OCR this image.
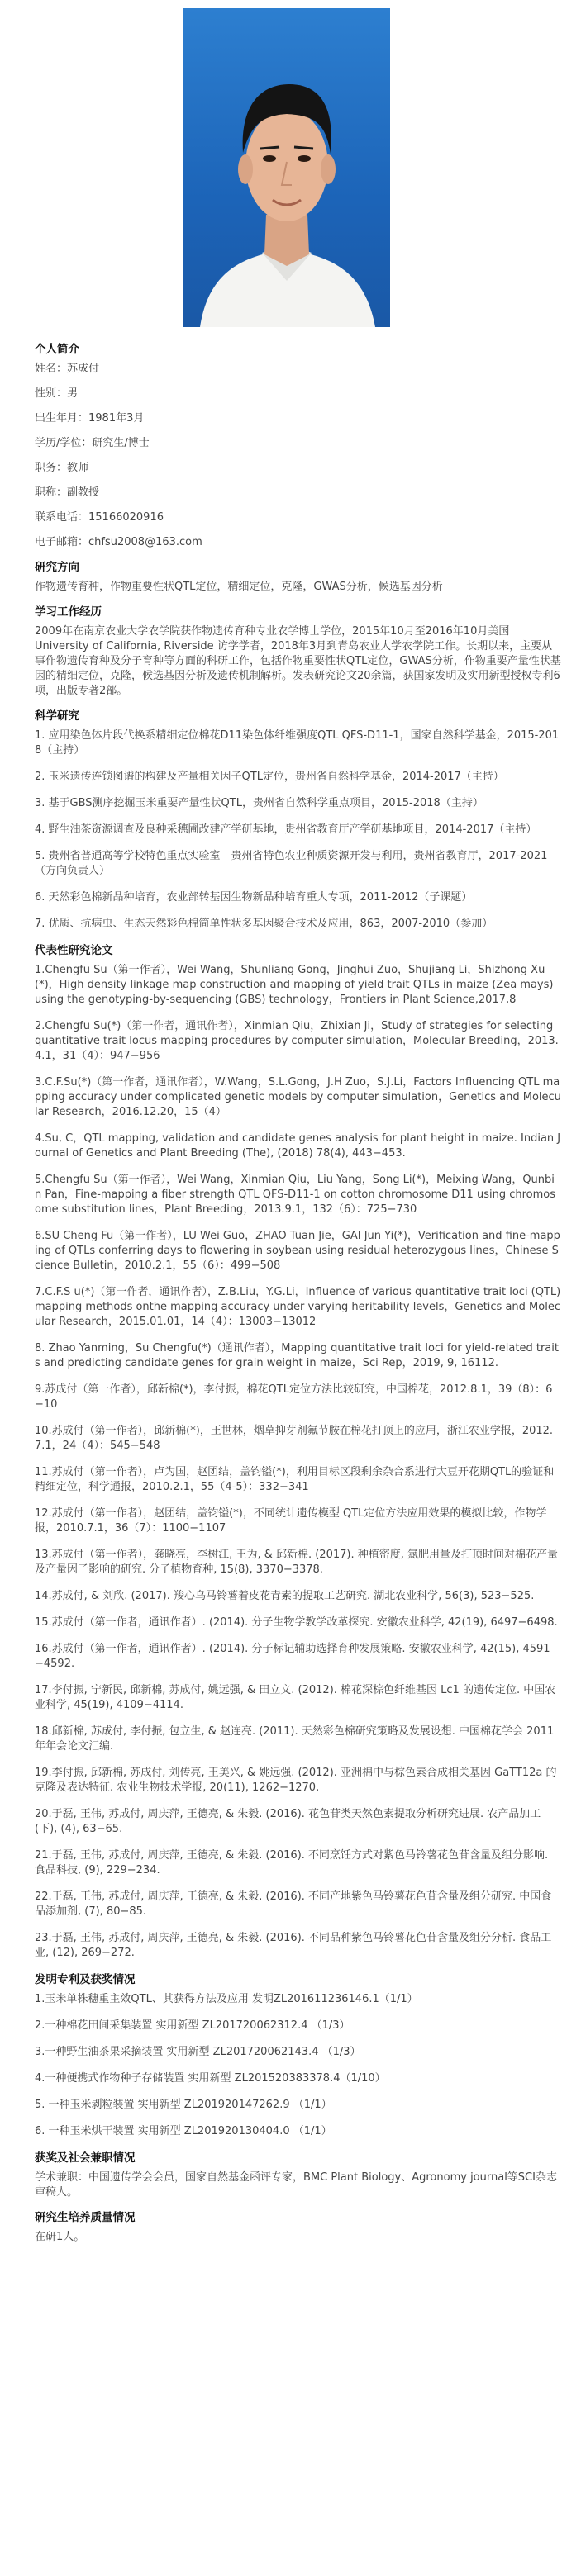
个人简介
姓名：苏成付
性别：男
出生年月：1981年3月
学历/学位：研究生/博士
职务：教师
职称：副教授
联系电话：15166020916
电子邮箱：chfsu2008@163.com
研究方向
作物遗传育种，作物重要性状QTL定位，精细定位，克隆，GWAS分析，候选基因分析
学习工作经历
2009年在南京农业大学农学院获作物遗传育种专业农学博士学位，2015年10月至2016年10月美国University of California, Riverside 访学学者，2018年3月到青岛农业大学农学院工作。长期以来，主要从事作物遗传育种及分子育种等方面的科研工作，包括作物重要性状QTL定位，GWAS分析，作物重要产量性状基因的精细定位，克隆，候选基因分析及遗传机制解析。发表研究论文20余篇，获国家发明及实用新型授权专利6项，出版专著2部。
科学研究
1. 应用染色体片段代换系精细定位棉花D11染色体纤维强度QTL QFS-D11-1，国家自然科学基金，2015-2018（主持）
2. 玉米遗传连锁图谱的构建及产量相关因子QTL定位，贵州省自然科学基金，2014-2017（主持）
3. 基于GBS测序挖掘玉米重要产量性状QTL，贵州省自然科学重点项目，2015-2018（主持）
4. 野生油茶资源调查及良种采穗圃改建产学研基地，贵州省教育厅产学研基地项目，2014-2017（主持）
5. 贵州省普通高等学校特色重点实验室—贵州省特色农业种质资源开发与利用，贵州省教育厅，2017-2021（方向负责人）
6. 天然彩色棉新品种培育，农业部转基因生物新品种培育重大专项，2011-2012（子课题）
7. 优质、抗病虫、生态天然彩色棉简单性状多基因聚合技术及应用，863，2007-2010（参加）
代表性研究论文
1.Chengfu Su（第一作者），Wei Wang，Shunliang Gong，Jinghui Zuo，Shujiang Li，Shizhong Xu(*)，High density linkage map construction and mapping of yield trait QTLs in maize (Zea mays) using the genotyping-by-sequencing (GBS) technology，Frontiers in Plant Science,2017,8
2.Chengfu Su(*)（第一作者，通讯作者），Xinmian Qiu，Zhixian Ji，Study of strategies for selecting quantitative trait locus mapping procedures by computer simulation，Molecular Breeding，2013.4.1，31（4）：947−956
3.C.F.Su(*)（第一作者，通讯作者），W.Wang，S.L.Gong，J.H Zuo，S.J.Li，Factors Influencing QTL mapping accuracy under complicated genetic models by computer simulation，Genetics and Molecular Research，2016.12.20，15（4）
4.Su, C，QTL mapping, validation and candidate genes analysis for plant height in maize. Indian Journal of Genetics and Plant Breeding (The), (2018) 78(4), 443−453.
5.Chengfu Su（第一作者），Wei Wang，Xinmian Qiu，Liu Yang，Song Li(*)，Meixing Wang，Qunbin Pan，Fine-mapping a fiber strength QTL QFS-D11-1 on cotton chromosome D11 using chromosome substitution lines，Plant Breeding，2013.9.1，132（6）：725−730
6.SU Cheng Fu（第一作者），LU Wei Guo，ZHAO Tuan Jie，GAI Jun Yi(*)，Verification and fine-mapping of QTLs conferring days to flowering in soybean using residual heterozygous lines，Chinese Science Bulletin，2010.2.1，55（6）：499−508
7.C.F.S u(*)（第一作者，通讯作者），Z.B.Liu，Y.G.Li，Influence of various quantitative trait loci (QTL) mapping methods onthe mapping accuracy under varying heritability levels，Genetics and Molecular Research，2015.01.01，14（4）：13003−13012
8. Zhao Yanming，Su Chengfu(*)（通讯作者），Mapping quantitative trait loci for yield-related traits and predicting candidate genes for grain weight in maize，Sci Rep，2019, 9, 16112.
9.苏成付（第一作者），邱新棉(*)，李付振，棉花QTL定位方法比较研究，中国棉花，2012.8.1，39（8）：6−10
10.苏成付（第一作者），邱新棉(*)，王世林，烟草抑芽剂氟节胺在棉花打顶上的应用，浙江农业学报，2012.7.1，24（4）：545−548
11.苏成付（第一作者），卢为国，赵团结，盖钧镒(*)，利用目标区段剩余杂合系进行大豆开花期QTL的验证和精细定位，科学通报，2010.2.1，55（4-5）：332−341
12.苏成付（第一作者），赵团结，盖钧镒(*)，不同统计遗传模型 QTL定位方法应用效果的模拟比较，作物学报，2010.7.1，36（7）：1100−1107
13.苏成付（第一作者），龚晓亮，李树江, 王为, & 邱新棉. (2017). 种植密度, 氮肥用量及打顶时间对棉花产量及产量因子影响的研究. 分子植物育种, 15(8), 3370−3378.
14.苏成付, & 刘欣. (2017). 羧心乌马铃薯着皮花青素的提取工艺研究. 湖北农业科学, 56(3), 523−525.
15.苏成付（第一作者，通讯作者）. (2014). 分子生物学教学改革探究. 安徽农业科学, 42(19), 6497−6498.
16.苏成付（第一作者，通讯作者）. (2014). 分子标记辅助选择育种发展策略. 安徽农业科学, 42(15), 4591−4592.
17.李付振, 宁新民, 邱新棉, 苏成付, 姚远强, & 田立文. (2012). 棉花深棕色纤维基因 Lc1 的遗传定位. 中国农业科学, 45(19), 4109−4114.
18.邱新棉, 苏成付, 李付振, 包立生, & 赵连亮. (2011). 天然彩色棉研究策略及发展设想. 中国棉花学会 2011 年年会论文汇编.
19.李付振, 邱新棉, 苏成付, 刘传亮, 王美兴, & 姚远强. (2012). 亚洲棉中与棕色素合成相关基因 GaTT12a 的克隆及表达特征. 农业生物技术学报, 20(11), 1262−1270.
20.于磊, 王伟, 苏成付, 周庆萍, 王德亮, & 朱毅. (2016). 花色苷类天然色素提取分析研究进展. 农产品加工(下), (4), 63−65.
21.于磊, 王伟, 苏成付, 周庆萍, 王德亮, & 朱毅. (2016). 不同烹饪方式对紫色马铃薯花色苷含量及组分影响. 食品科技, (9), 229−234.
22.于磊, 王伟, 苏成付, 周庆萍, 王德亮, & 朱毅. (2016). 不同产地紫色马铃薯花色苷含量及组分研究. 中国食品添加剂, (7), 80−85.
23.于磊, 王伟, 苏成付, 周庆萍, 王德亮, & 朱毅. (2016). 不同品种紫色马铃薯花色苷含量及组分分析. 食品工业, (12), 269−272.
发明专利及获奖情况
1.玉米单株穗重主效QTL、其获得方法及应用 发明ZL201611236146.1（1/1）
2.一种棉花田间采集装置 实用新型 ZL201720062312.4 （1/3）
3.一种野生油茶果采摘装置 实用新型 ZL201720062143.4 （1/3）
4.一种便携式作物种子存储装置 实用新型 ZL201520383378.4（1/10）
5. 一种玉米剥粒装置 实用新型 ZL201920147262.9 （1/1）
6. 一种玉米烘干装置 实用新型 ZL201920130404.0 （1/1）
获奖及社会兼职情况
学术兼职：中国遗传学会会员，国家自然基金函评专家，BMC Plant Biology、Agronomy journal等SCI杂志审稿人。
研究生培养质量情况
在研1人。
